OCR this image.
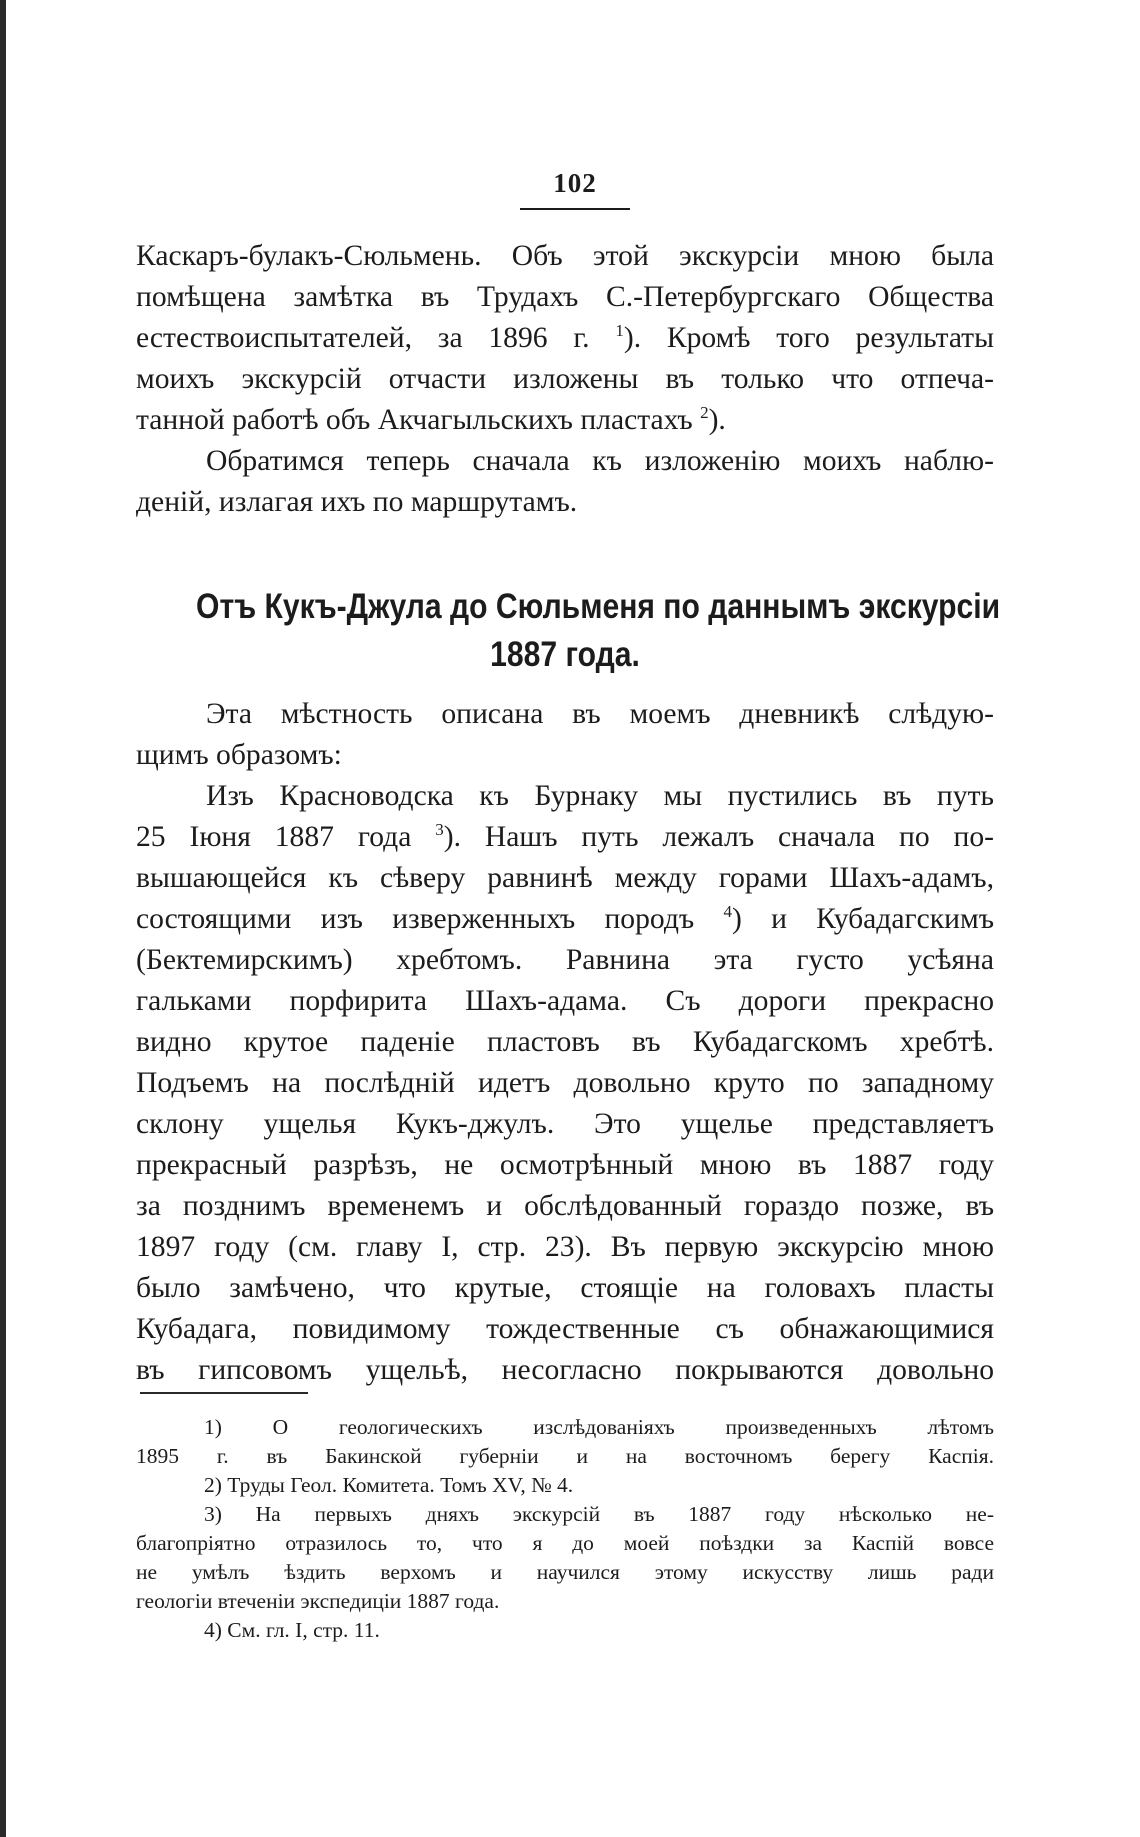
102
Каскаръ-булакъ-Сюльмень. Объ этой экскурсіи мною была
помѣщена замѣтка въ Трудахъ С.-Петербургскаго Общества
естествоиспытателей, за 1896 г. $^1$). Кромѣ того результаты
моихъ экскурсій отчасти изложены въ только что отпеча-
танной работѣ объ Акчагыльскихъ пластахъ $^2$).
Обратимся теперь сначала къ изложенію моихъ наблю-
деній, излагая ихъ по маршрутамъ.
Отъ Кукъ-Джула до Сюльменя по даннымъ экскурсіи
1887 года.
Эта мѣстность описана въ моемъ дневникѣ слѣдую-
щимъ образомъ:
Изъ Красноводска къ Бурнаку мы пустились въ путь
25 Іюня 1887 года $^3$). Нашъ путь лежалъ сначала по по-
вышающейся къ сѣверу равнинѣ между горами Шахъ-адамъ,
состоящими изъ изверженныхъ породъ $^4$) и Кубадагскимъ
(Бектемирскимъ) хребтомъ. Равнина эта густо усѣяна
гальками порфирита Шахъ-адама. Съ дороги прекрасно
видно крутое паденіе пластовъ въ Кубадагскомъ хребтѣ.
Подъемъ на послѣдній идетъ довольно круто по западному
склону ущелья Кукъ-джулъ. Это ущелье представляетъ
прекрасный разрѣзъ, не осмотрѣнный мною въ 1887 году
за позднимъ временемъ и обслѣдованный гораздо позже, въ
1897 году (см. главу I, стр. 23). Въ первую экскурсію мною
было замѣчено, что крутые, стоящіе на головахъ пласты
Кубадага, повидимому тождественные съ обнажающимися
въ гипсовомъ ущельѣ, несогласно покрываются довольно
1) О геологическихъ изслѣдованіяхъ произведенныхъ лѣтомъ
1895 г. въ Бакинской губерніи и на восточномъ берегу Каспія.
2) Труды Геол. Комитета. Томъ XV, № 4.
3) На первыхъ дняхъ экскурсій въ 1887 году нѣсколько не-
благопріятно отразилось то, что я до моей поѣздки за Каспій вовсе
не умѣлъ ѣздить верхомъ и научился этому искусству лишь ради
геологіи втеченіи экспедиціи 1887 года.
4) См. гл. I, стр. 11.
